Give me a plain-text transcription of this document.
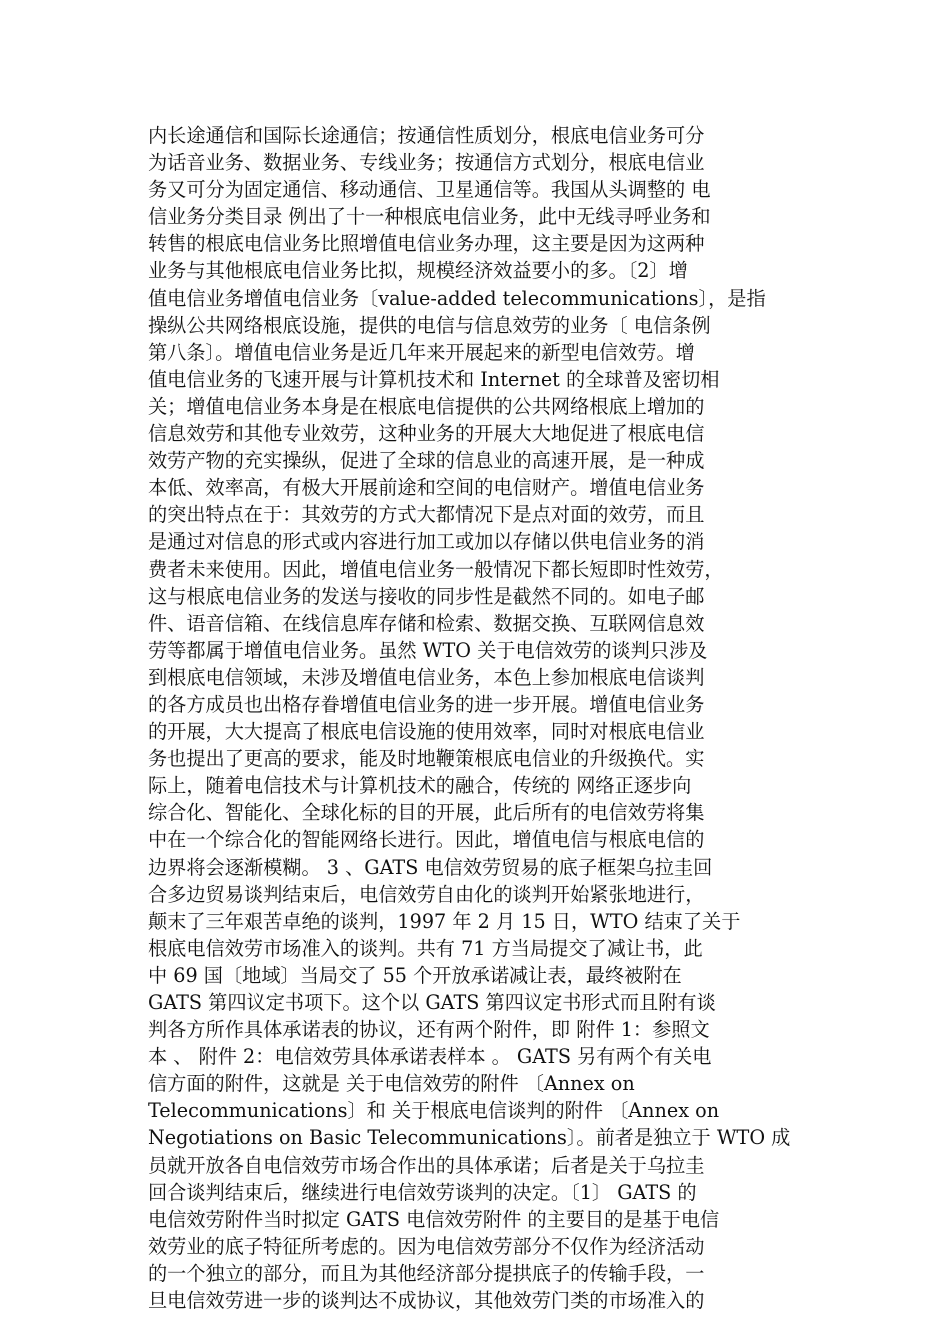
内长途通信和国际长途通信；按通信性质划分，根底电信业务可分
为话音业务、数据业务、专线业务；按通信方式划分，根底电信业
务又可分为固定通信、移动通信、卫星通信等。我国从头调整的 电
信业务分类目录 例出了十一种根底电信业务，此中无线寻呼业务和
转售的根底电信业务比照增值电信业务办理，这主要是因为这两种
业务与其他根底电信业务比拟，规模经济效益要小的多。〔2〕增
值电信业务增值电信业务〔value-added telecommunications〕，是指
操纵公共网络根底设施，提供的电信与信息效劳的业务〔 电信条例
第八条〕。增值电信业务是近几年来开展起来的新型电信效劳。增
值电信业务的飞速开展与计算机技术和 Internet 的全球普及密切相
关；增值电信业务本身是在根底电信提供的公共网络根底上增加的
信息效劳和其他专业效劳，这种业务的开展大大地促进了根底电信
效劳产物的充实操纵，促进了全球的信息业的高速开展，是一种成
本低、效率高，有极大开展前途和空间的电信财产。增值电信业务
的突出特点在于：其效劳的方式大都情况下是点对面的效劳，而且
是通过对信息的形式或内容进行加工或加以存储以供电信业务的消
费者未来使用。因此，增值电信业务一般情况下都长短即时性效劳，
这与根底电信业务的发送与接收的同步性是截然不同的。如电子邮
件、语音信箱、在线信息库存储和检索、数据交换、互联网信息效
劳等都属于增值电信业务。虽然 WTO 关于电信效劳的谈判只涉及
到根底电信领域，未涉及增值电信业务，本色上参加根底电信谈判
的各方成员也出格存眷增值电信业务的进一步开展。增值电信业务
的开展，大大提高了根底电信设施的使用效率，同时对根底电信业
务也提出了更高的要求，能及时地鞭策根底电信业的升级换代。实
际上，随着电信技术与计算机技术的融合，传统的 网络正逐步向
综合化、智能化、全球化标的目的开展，此后所有的电信效劳将集
中在一个综合化的智能网络长进行。因此，增值电信与根底电信的
边界将会逐渐模糊。 3 、GATS 电信效劳贸易的底子框架乌拉圭回
合多边贸易谈判结束后，电信效劳自由化的谈判开始紧张地进行，
颠末了三年艰苦卓绝的谈判，1997 年 2 月 15 日，WTO 结束了关于
根底电信效劳市场准入的谈判。共有 71 方当局提交了减让书，此
中 69 国〔地域〕当局交了 55 个开放承诺减让表，最终被附在
GATS 第四议定书项下。这个以 GATS 第四议定书形式而且附有谈
判各方所作具体承诺表的协议，还有两个附件，即 附件 1：参照文
本 、 附件 2：电信效劳具体承诺表样本 。 GATS 另有两个有关电
信方面的附件，这就是 关于电信效劳的附件 〔Annex on
Telecommunications〕和 关于根底电信谈判的附件 〔Annex on
Negotiations on Basic Telecommunications〕。前者是独立于 WTO 成
员就开放各自电信效劳市场合作出的具体承诺；后者是关于乌拉圭
回合谈判结束后，继续进行电信效劳谈判的决定。〔1〕 GATS 的
电信效劳附件当时拟定 GATS 电信效劳附件 的主要目的是基于电信
效劳业的底子特征所考虑的。因为电信效劳部分不仅作为经济活动
的一个独立的部分，而且为其他经济部分提拱底子的传输手段，一
旦电信效劳进一步的谈判达不成协议，其他效劳门类的市场准入的
